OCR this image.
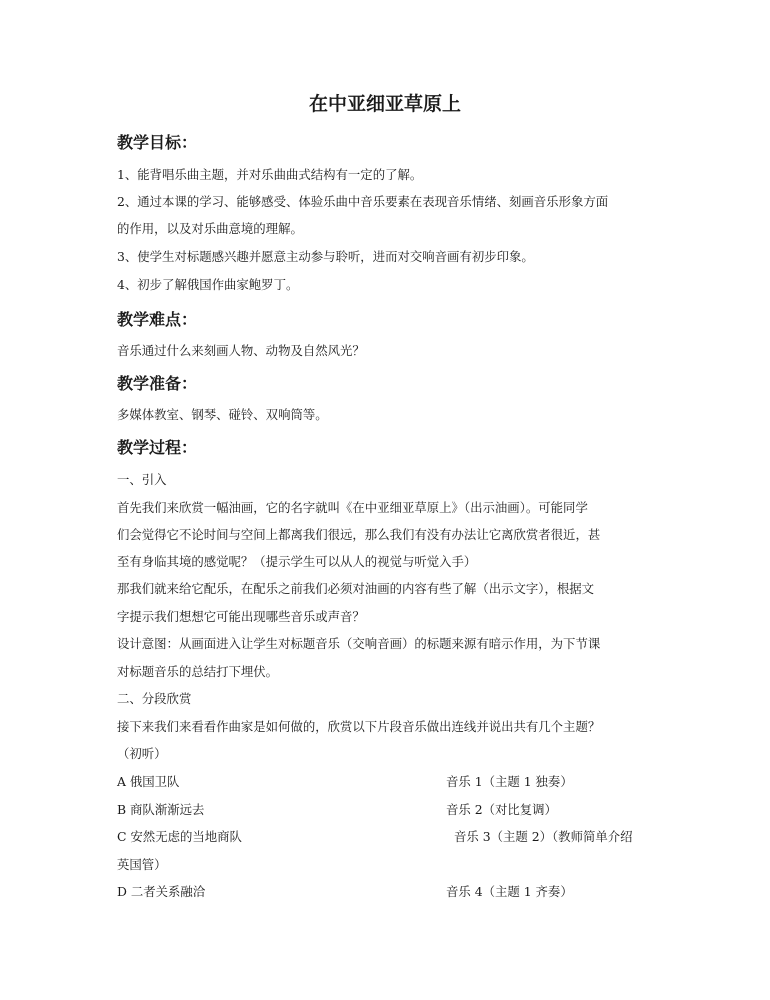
在中亚细亚草原上
教学目标：
1、能背唱乐曲主题，并对乐曲曲式结构有一定的了解。
2、通过本课的学习、能够感受、体验乐曲中音乐要素在表现音乐情绪、刻画音乐形象方面
的作用，以及对乐曲意境的理解。
3、使学生对标题感兴趣并愿意主动参与聆听，进而对交响音画有初步印象。
4、初步了解俄国作曲家鲍罗丁。
教学难点：
音乐通过什么来刻画人物、动物及自然风光？
教学准备：
多媒体教室、钢琴、碰铃、双响筒等。
教学过程：
一、引入
首先我们来欣赏一幅油画，它的名字就叫《在中亚细亚草原上》（出示油画）。可能同学
们会觉得它不论时间与空间上都离我们很远，那么我们有没有办法让它离欣赏者很近，甚
至有身临其境的感觉呢？（提示学生可以从人的视觉与听觉入手）
那我们就来给它配乐，在配乐之前我们必须对油画的内容有些了解（出示文字），根据文
字提示我们想想它可能出现哪些音乐或声音？
设计意图：从画面进入让学生对标题音乐（交响音画）的标题来源有暗示作用，为下节课
对标题音乐的总结打下埋伏。
二、分段欣赏
接下来我们来看看作曲家是如何做的，欣赏以下片段音乐做出连线并说出共有几个主题？
（初听）
A 俄国卫队	音乐 1（主题 1 独奏）
B 商队渐渐远去	音乐 2（对比复调）
C 安然无虑的当地商队	音乐 3（主题 2）（教师简单介绍
英国管）
D 二者关系融洽	音乐 4（主题 1 齐奏）
